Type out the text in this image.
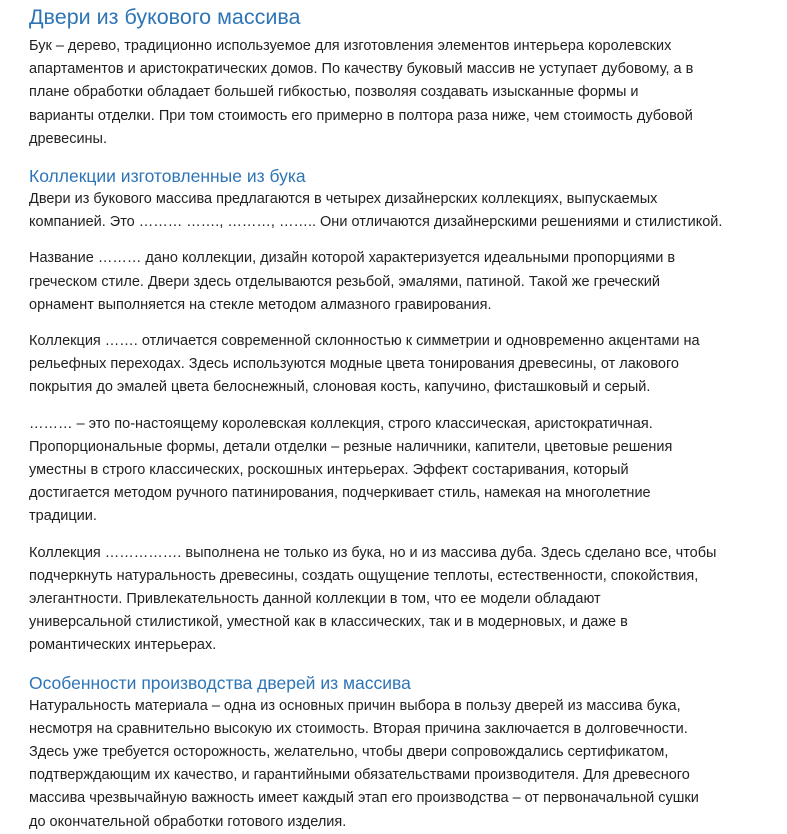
Двери из букового массива
Бук – дерево, традиционно используемое для изготовления элементов интерьера королевских
апартаментов и аристократических домов. По качеству буковый массив не уступает дубовому, а в
плане обработки обладает большей гибкостью, позволяя создавать изысканные формы и
варианты отделки. При том стоимость его примерно в полтора раза ниже, чем стоимость дубовой
древесины.
Коллекции изготовленные из бука
Двери из букового массива предлагаются в четырех дизайнерских коллекциях, выпускаемых
компанией. Это ……… ……., ………, …….. Они отличаются дизайнерскими решениями и стилистикой.
Название ……… дано коллекции, дизайн которой характеризуется идеальными пропорциями в
греческом стиле. Двери здесь отделываются резьбой, эмалями, патиной. Такой же греческий
орнамент выполняется на стекле методом алмазного гравирования.
Коллекция ……. отличается современной склонностью к симметрии и одновременно акцентами на
рельефных переходах. Здесь используются модные цвета тонирования древесины, от лакового
покрытия до эмалей цвета белоснежный, слоновая кость, капучино, фисташковый и серый.
……… – это по-настоящему королевская коллекция, строго классическая, аристократичная.
Пропорциональные формы, детали отделки – резные наличники, капители, цветовые решения
уместны в строго классических, роскошных интерьерах. Эффект состаривания, который
достигается методом ручного патинирования, подчеркивает стиль, намекая на многолетние
традиции.
Коллекция ……………. выполнена не только из бука, но и из массива дуба. Здесь сделано все, чтобы
подчеркнуть натуральность древесины, создать ощущение теплоты, естественности, спокойствия,
элегантности. Привлекательность данной коллекции в том, что ее модели обладают
универсальной стилистикой, уместной как в классических, так и в модерновых, и даже в
романтических интерьерах.
Особенности производства дверей из массива
Натуральность материала – одна из основных причин выбора в пользу дверей из массива бука,
несмотря на сравнительно высокую их стоимость. Вторая причина заключается в долговечности.
Здесь уже требуется осторожность, желательно, чтобы двери сопровождались сертификатом,
подтверждающим их качество, и гарантийными обязательствами производителя. Для древесного
массива чрезвычайную важность имеет каждый этап его производства – от первоначальной сушки
до окончательной обработки готового изделия.
